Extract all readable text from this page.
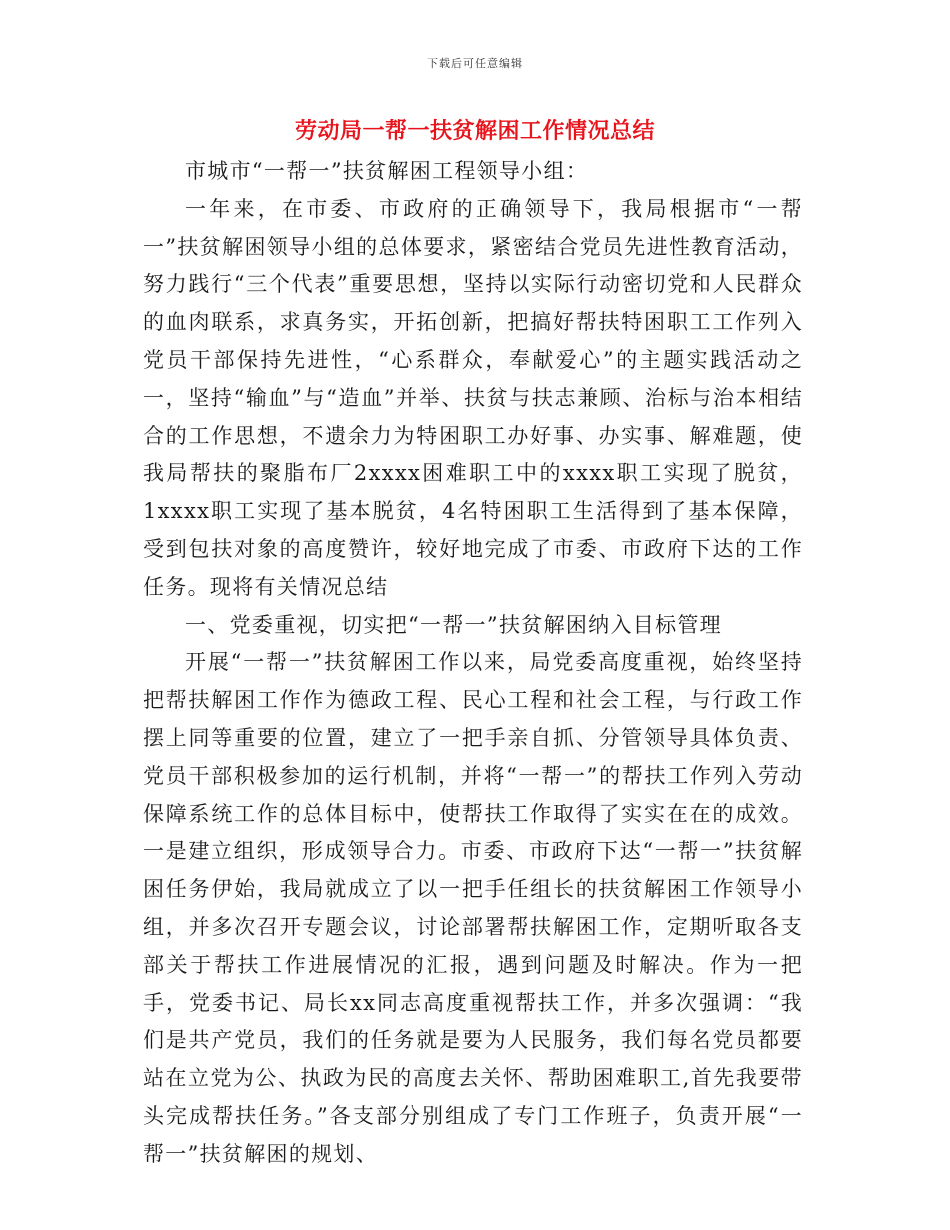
下载后可任意编辑
劳动局一帮一扶贫解困工作情况总结

市城市“一帮一”扶贫解困工程领导小组：

一年来，在市委、市政府的正确领导下，我局根据市“一帮一”扶贫解困领导小组的总体要求，紧密结合党员先进性教育活动，努力践行“三个代表”重要思想，坚持以实际行动密切党和人民群众的血肉联系，求真务实，开拓创新，把搞好帮扶特困职工工作列入党员干部保持先进性，“心系群众，奉献爱心”的主题实践活动之一，坚持“输血”与“造血”并举、扶贫与扶志兼顾、治标与治本相结合的工作思想，不遗余力为特困职工办好事、办实事、解难题，使我局帮扶的聚脂布厂2xxxx困难职工中的xxxx职工实现了脱贫，1xxxx职工实现了基本脱贫，4名特困职工生活得到了基本保障，受到包扶对象的高度赞许，较好地完成了市委、市政府下达的工作任务。现将有关情况总结

一、党委重视，切实把“一帮一”扶贫解困纳入目标管理

开展“一帮一”扶贫解困工作以来，局党委高度重视，始终坚持把帮扶解困工作作为德政工程、民心工程和社会工程，与行政工作摆上同等重要的位置，建立了一把手亲自抓、分管领导具体负责、党员干部积极参加的运行机制，并将“一帮一”的帮扶工作列入劳动保障系统工作的总体目标中，使帮扶工作取得了实实在在的成效。一是建立组织，形成领导合力。市委、市政府下达“一帮一”扶贫解困任务伊始，我局就成立了以一把手任组长的扶贫解困工作领导小组，并多次召开专题会议，讨论部署帮扶解困工作，定期听取各支部关于帮扶工作进展情况的汇报，遇到问题及时解决。作为一把手，党委书记、局长xx同志高度重视帮扶工作，并多次强调：“我们是共产党员，我们的任务就是要为人民服务，我们每名党员都要站在立党为公、执政为民的高度去关怀、帮助困难职工,首先我要带头完成帮扶任务。”各支部分别组成了专门工作班子，负责开展“一帮一”扶贫解困的规划、
